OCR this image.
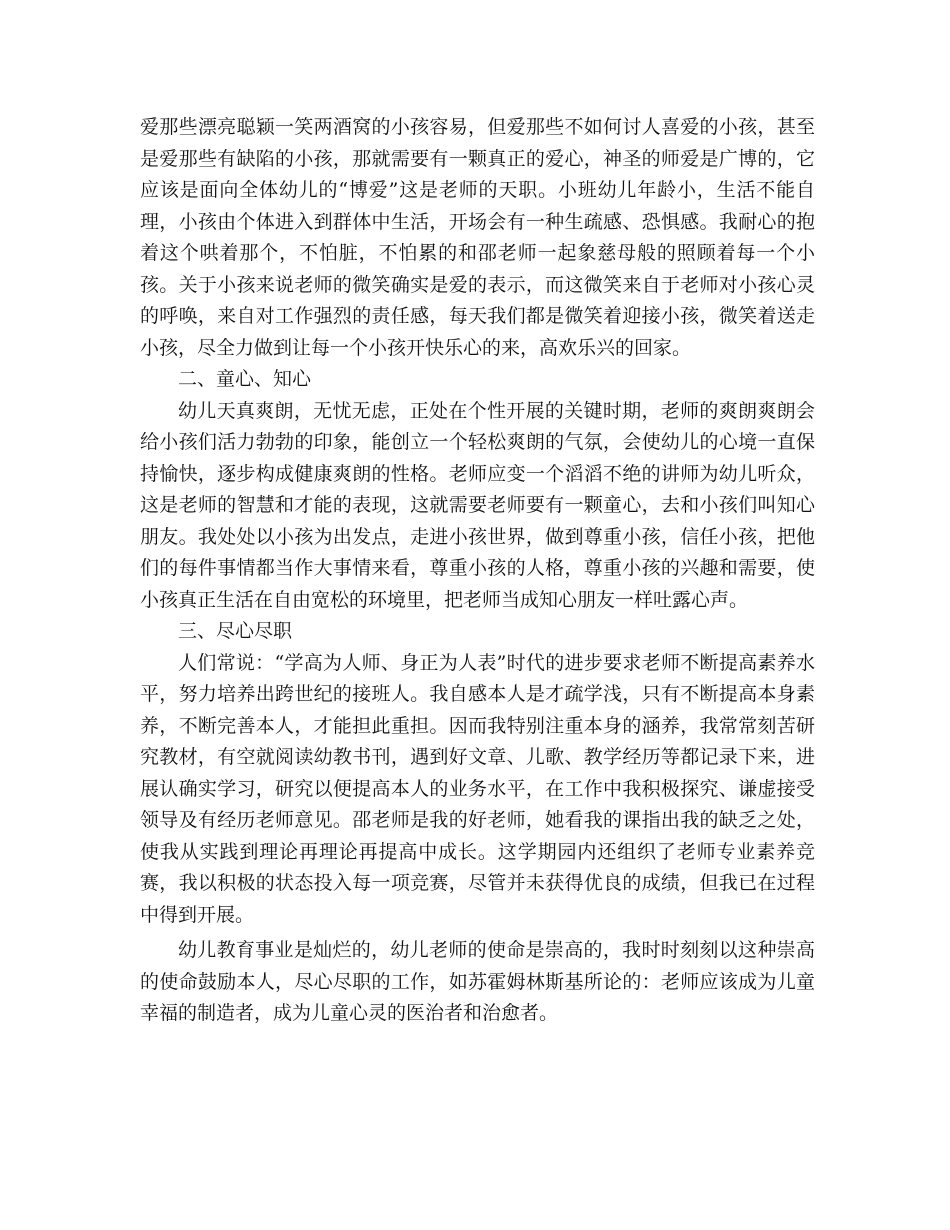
爱那些漂亮聪颖一笑两酒窝的小孩容易，但爱那些不如何讨人喜爱的小孩，甚至是爱那些有缺陷的小孩，那就需要有一颗真正的爱心，神圣的师爱是广博的，它应该是面向全体幼儿的“博爱”这是老师的天职。小班幼儿年龄小，生活不能自理，小孩由个体进入到群体中生活，开场会有一种生疏感、恐惧感。我耐心的抱着这个哄着那个，不怕脏，不怕累的和邵老师一起象慈母般的照顾着每一个小孩。关于小孩来说老师的微笑确实是爱的表示，而这微笑来自于老师对小孩心灵的呼唤，来自对工作强烈的责任感，每天我们都是微笑着迎接小孩，微笑着送走小孩，尽全力做到让每一个小孩开快乐心的来，高欢乐兴的回家。

二、童心、知心

幼儿天真爽朗，无忧无虑，正处在个性开展的关键时期，老师的爽朗爽朗会给小孩们活力勃勃的印象，能创立一个轻松爽朗的气氛，会使幼儿的心境一直保持愉快，逐步构成健康爽朗的性格。老师应变一个滔滔不绝的讲师为幼儿听众，这是老师的智慧和才能的表现，这就需要老师要有一颗童心，去和小孩们叫知心朋友。我处处以小孩为出发点，走进小孩世界，做到尊重小孩，信任小孩，把他们的每件事情都当作大事情来看，尊重小孩的人格，尊重小孩的兴趣和需要，使小孩真正生活在自由宽松的环境里，把老师当成知心朋友一样吐露心声。

三、尽心尽职

人们常说：“学高为人师、身正为人表”时代的进步要求老师不断提高素养水平，努力培养出跨世纪的接班人。我自感本人是才疏学浅，只有不断提高本身素养，不断完善本人，才能担此重担。因而我特别注重本身的涵养，我常常刻苦研究教材，有空就阅读幼教书刊，遇到好文章、儿歌、教学经历等都记录下来，进展认确实学习，研究以便提高本人的业务水平，在工作中我积极探究、谦虚接受领导及有经历老师意见。邵老师是我的好老师，她看我的课指出我的缺乏之处，使我从实践到理论再理论再提高中成长。这学期园内还组织了老师专业素养竞赛，我以积极的状态投入每一项竞赛，尽管并未获得优良的成绩，但我已在过程中得到开展。

幼儿教育事业是灿烂的，幼儿老师的使命是崇高的，我时时刻刻以这种崇高的使命鼓励本人，尽心尽职的工作，如苏霍姆林斯基所论的：老师应该成为儿童幸福的制造者，成为儿童心灵的医治者和治愈者。
